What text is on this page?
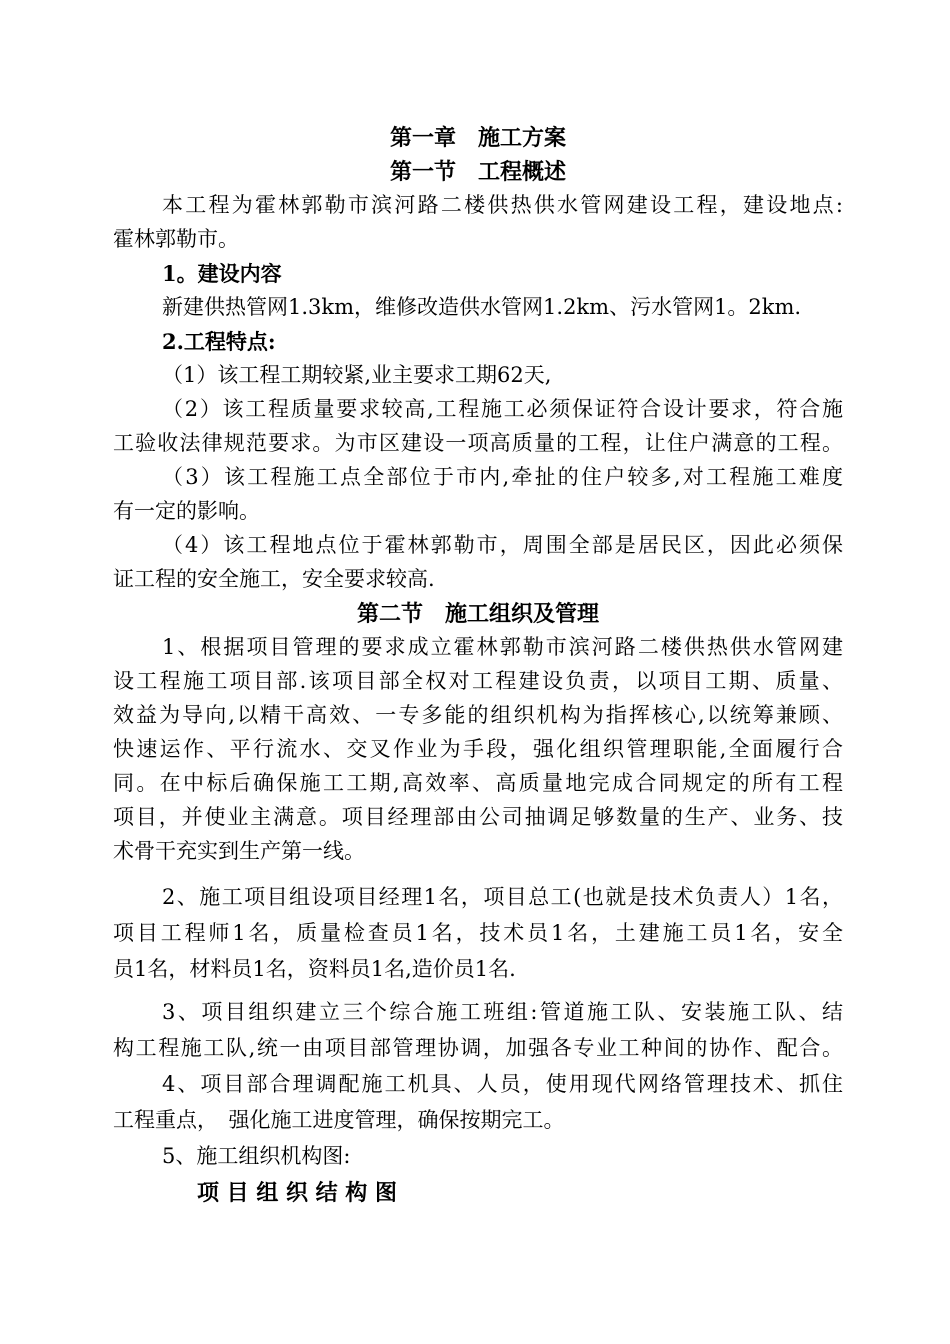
第一章　施工方案
第一节　工程概述
本工程为霍林郭勒市滨河路二楼供热供水管网建设工程，建设地点:
霍林郭勒市。
1。建设内容
新建供热管网1.3km，维修改造供水管网1.2km、污水管网1。2km.
2.工程特点:
（1）该工程工期较紧,业主要求工期62天,
（2）该工程质量要求较高,工程施工必须保证符合设计要求，符合施
工验收法律规范要求。为市区建设一项高质量的工程，让住户满意的工程。
（3）该工程施工点全部位于市内,牵扯的住户较多,对工程施工难度
有一定的影响。
（4）该工程地点位于霍林郭勒市，周围全部是居民区，因此必须保
证工程的安全施工，安全要求较高.
第二节　施工组织及管理
1、根据项目管理的要求成立霍林郭勒市滨河路二楼供热供水管网建
设工程施工项目部.该项目部全权对工程建设负责，以项目工期、质量、
效益为导向,以精干高效、一专多能的组织机构为指挥核心,以统筹兼顾、
快速运作、平行流水、交叉作业为手段，强化组织管理职能,全面履行合
同。在中标后确保施工工期,高效率、高质量地完成合同规定的所有工程
项目，并使业主满意。项目经理部由公司抽调足够数量的生产、业务、技
术骨干充实到生产第一线。
2、施工项目组设项目经理1名，项目总工(也就是技术负责人）1名，
项目工程师1名，质量检查员1名，技术员1名，土建施工员1名，安全
员1名，材料员1名，资料员1名,造价员1名.
3、项目组织建立三个综合施工班组:管道施工队、安装施工队、结
构工程施工队,统一由项目部管理协调，加强各专业工种间的协作、配合。
4、项目部合理调配施工机具、人员，使用现代网络管理技术、抓住
工程重点，　强化施工进度管理，确保按期完工。
5、施工组织机构图:
项 目 组 织 结 构 图
